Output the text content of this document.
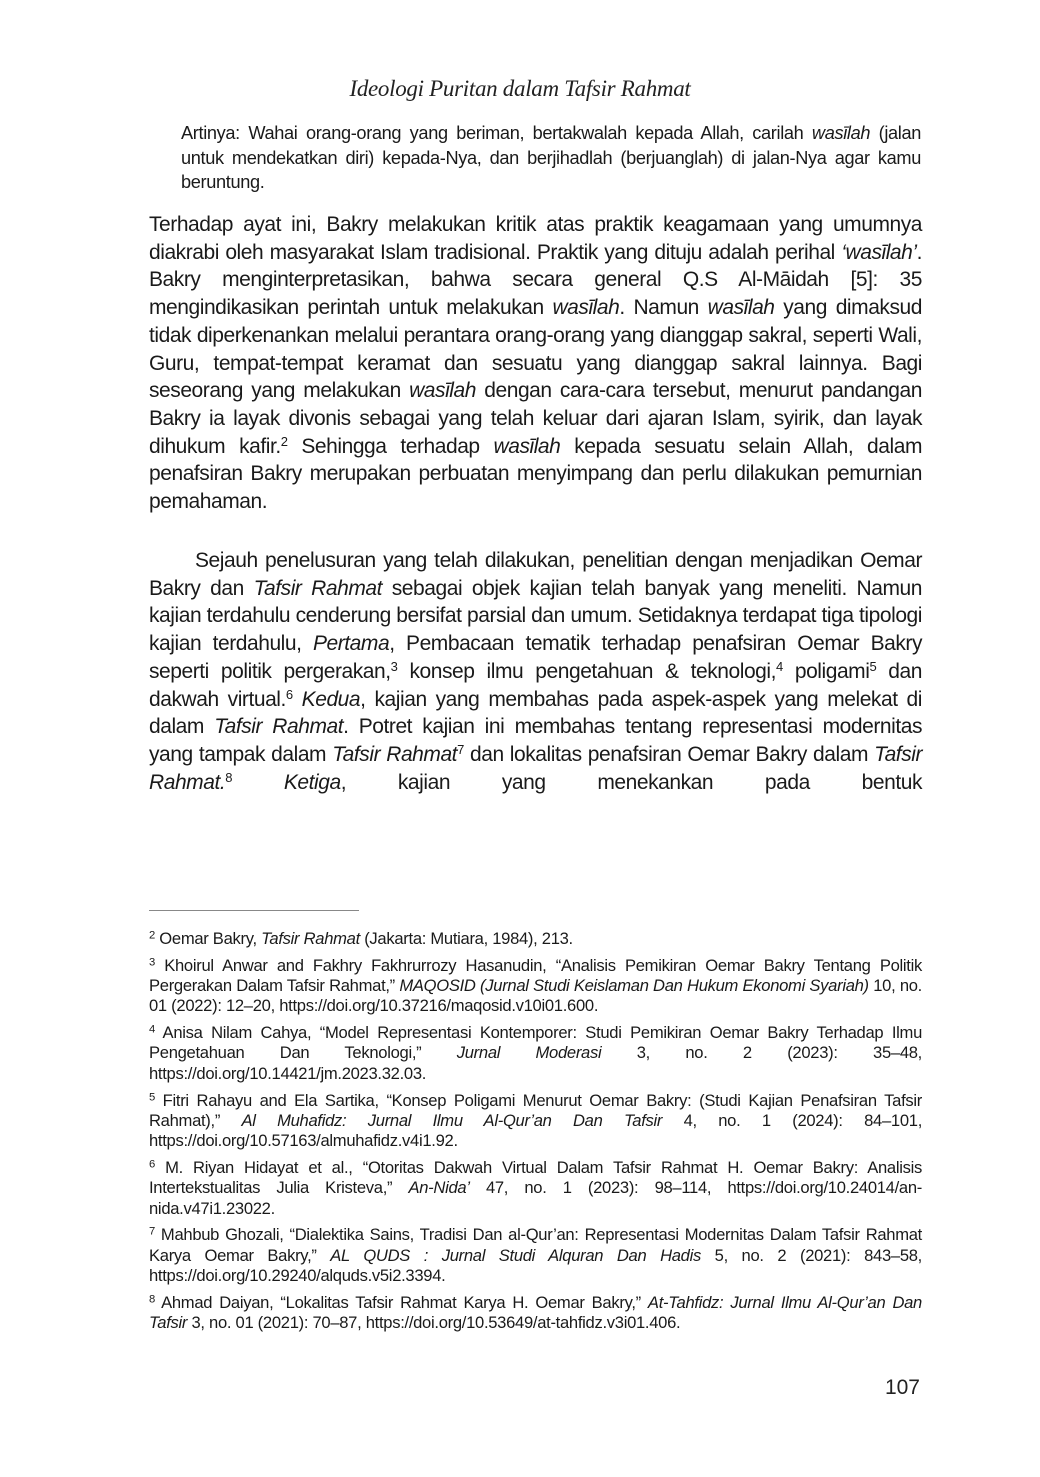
Ideologi Puritan dalam Tafsir Rahmat

Artinya: Wahai orang-orang yang beriman, bertakwalah kepada Allah, carilah wasīlah (jalan untuk mendekatkan diri) kepada-Nya, dan berjihadlah (berjuanglah) di jalan-Nya agar kamu beruntung.

Terhadap ayat ini, Bakry melakukan kritik atas praktik keagamaan yang umumnya diakrabi oleh masyarakat Islam tradisional. Praktik yang dituju adalah perihal ‘wasīlah’. Bakry menginterpretasikan, bahwa secara general Q.S Al-Māidah [5]: 35 mengindikasikan perintah untuk melakukan wasīlah. Namun wasīlah yang dimaksud tidak diperkenankan melalui perantara orang-orang yang dianggap sakral, seperti Wali, Guru, tempat-tempat keramat dan sesuatu yang dianggap sakral lainnya. Bagi seseorang yang melakukan wasīlah dengan cara-cara tersebut, menurut pandangan Bakry ia layak divonis sebagai yang telah keluar dari ajaran Islam, syirik, dan layak dihukum kafir.$^2$ Sehingga terhadap wasīlah kepada sesuatu selain Allah, dalam penafsiran Bakry merupakan perbuatan menyimpang dan perlu dilakukan pemurnian pemahaman.

Sejauh penelusuran yang telah dilakukan, penelitian dengan menjadikan Oemar Bakry dan Tafsir Rahmat sebagai objek kajian telah banyak yang meneliti. Namun kajian terdahulu cenderung bersifat parsial dan umum. Setidaknya terdapat tiga tipologi kajian terdahulu, Pertama, Pembacaan tematik terhadap penafsiran Oemar Bakry seperti politik pergerakan,$^3$ konsep ilmu pengetahuan & teknologi,$^4$ poligami$^5$ dan dakwah virtual.$^6$ Kedua, kajian yang membahas pada aspek-aspek yang melekat di dalam Tafsir Rahmat. Potret kajian ini membahas tentang representasi modernitas yang tampak dalam Tafsir Rahmat$^7$ dan lokalitas penafsiran Oemar Bakry dalam Tafsir Rahmat.$^8$ Ketiga, kajian yang menekankan pada bentuk

$^2$ Oemar Bakry, Tafsir Rahmat (Jakarta: Mutiara, 1984), 213.

$^3$ Khoirul Anwar and Fakhry Fakhrurrozy Hasanudin, “Analisis Pemikiran Oemar Bakry Tentang Politik Pergerakan Dalam Tafsir Rahmat,” MAQOSID (Jurnal Studi Keislaman Dan Hukum Ekonomi Syariah) 10, no. 01 (2022): 12–20, https://doi.org/10.37216/maqosid.v10i01.600.

$^4$ Anisa Nilam Cahya, “Model Representasi Kontemporer: Studi Pemikiran Oemar Bakry Terhadap Ilmu Pengetahuan Dan Teknologi,” Jurnal Moderasi 3, no. 2 (2023): 35–48, https://doi.org/10.14421/jm.2023.32.03.

$^5$ Fitri Rahayu and Ela Sartika, “Konsep Poligami Menurut Oemar Bakry: (Studi Kajian Penafsiran Tafsir Rahmat),” Al Muhafidz: Jurnal Ilmu Al-Qur’an Dan Tafsir 4, no. 1 (2024): 84–101, https://doi.org/10.57163/almuhafidz.v4i1.92.

$^6$ M. Riyan Hidayat et al., “Otoritas Dakwah Virtual Dalam Tafsir Rahmat H. Oemar Bakry: Analisis Intertekstualitas Julia Kristeva,” An-Nida’ 47, no. 1 (2023): 98–114, https://doi.org/10.24014/an-nida.v47i1.23022.

$^7$ Mahbub Ghozali, “Dialektika Sains, Tradisi Dan al-Qur’an: Representasi Modernitas Dalam Tafsir Rahmat Karya Oemar Bakry,” AL QUDS : Jurnal Studi Alquran Dan Hadis 5, no. 2 (2021): 843–58, https://doi.org/10.29240/alquds.v5i2.3394.

$^8$ Ahmad Daiyan, “Lokalitas Tafsir Rahmat Karya H. Oemar Bakry,” At-Tahfidz: Jurnal Ilmu Al-Qur’an Dan Tafsir 3, no. 01 (2021): 70–87, https://doi.org/10.53649/at-tahfidz.v3i01.406.

107
